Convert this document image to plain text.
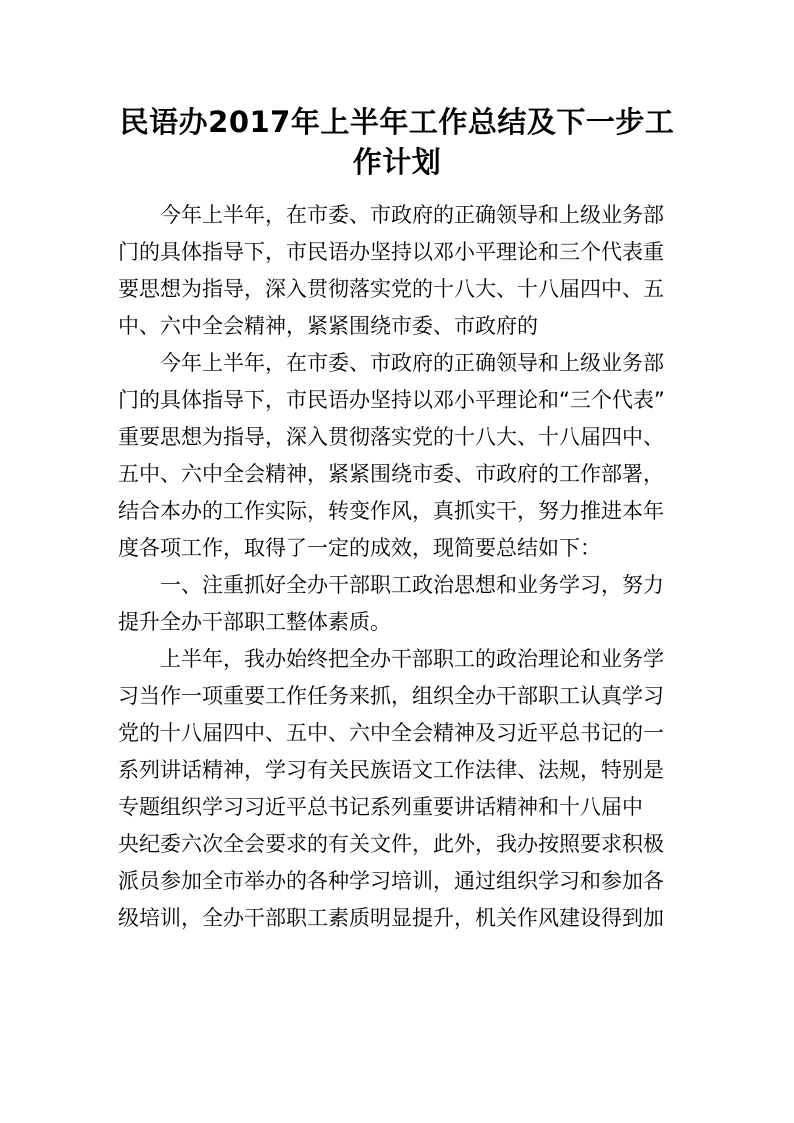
民语办2017年上半年工作总结及下一步工
作计划
今年上半年，在市委、市政府的正确领导和上级业务部
门的具体指导下，市民语办坚持以邓小平理论和三个代表重
要思想为指导，深入贯彻落实党的十八大、十八届四中、五
中、六中全会精神，紧紧围绕市委、市政府的
今年上半年，在市委、市政府的正确领导和上级业务部
门的具体指导下，市民语办坚持以邓小平理论和“三个代表”
重要思想为指导，深入贯彻落实党的十八大、十八届四中、
五中、六中全会精神，紧紧围绕市委、市政府的工作部署，
结合本办的工作实际，转变作风，真抓实干，努力推进本年
度各项工作，取得了一定的成效，现简要总结如下：
一、注重抓好全办干部职工政治思想和业务学习，努力
提升全办干部职工整体素质。
上半年，我办始终把全办干部职工的政治理论和业务学
习当作一项重要工作任务来抓，组织全办干部职工认真学习
党的十八届四中、五中、六中全会精神及习近平总书记的一
系列讲话精神，学习有关民族语文工作法律、法规，特别是
专题组织学习习近平总书记系列重要讲话精神和十八届中
央纪委六次全会要求的有关文件，此外，我办按照要求积极
派员参加全市举办的各种学习培训，通过组织学习和参加各
级培训，全办干部职工素质明显提升，机关作风建设得到加
